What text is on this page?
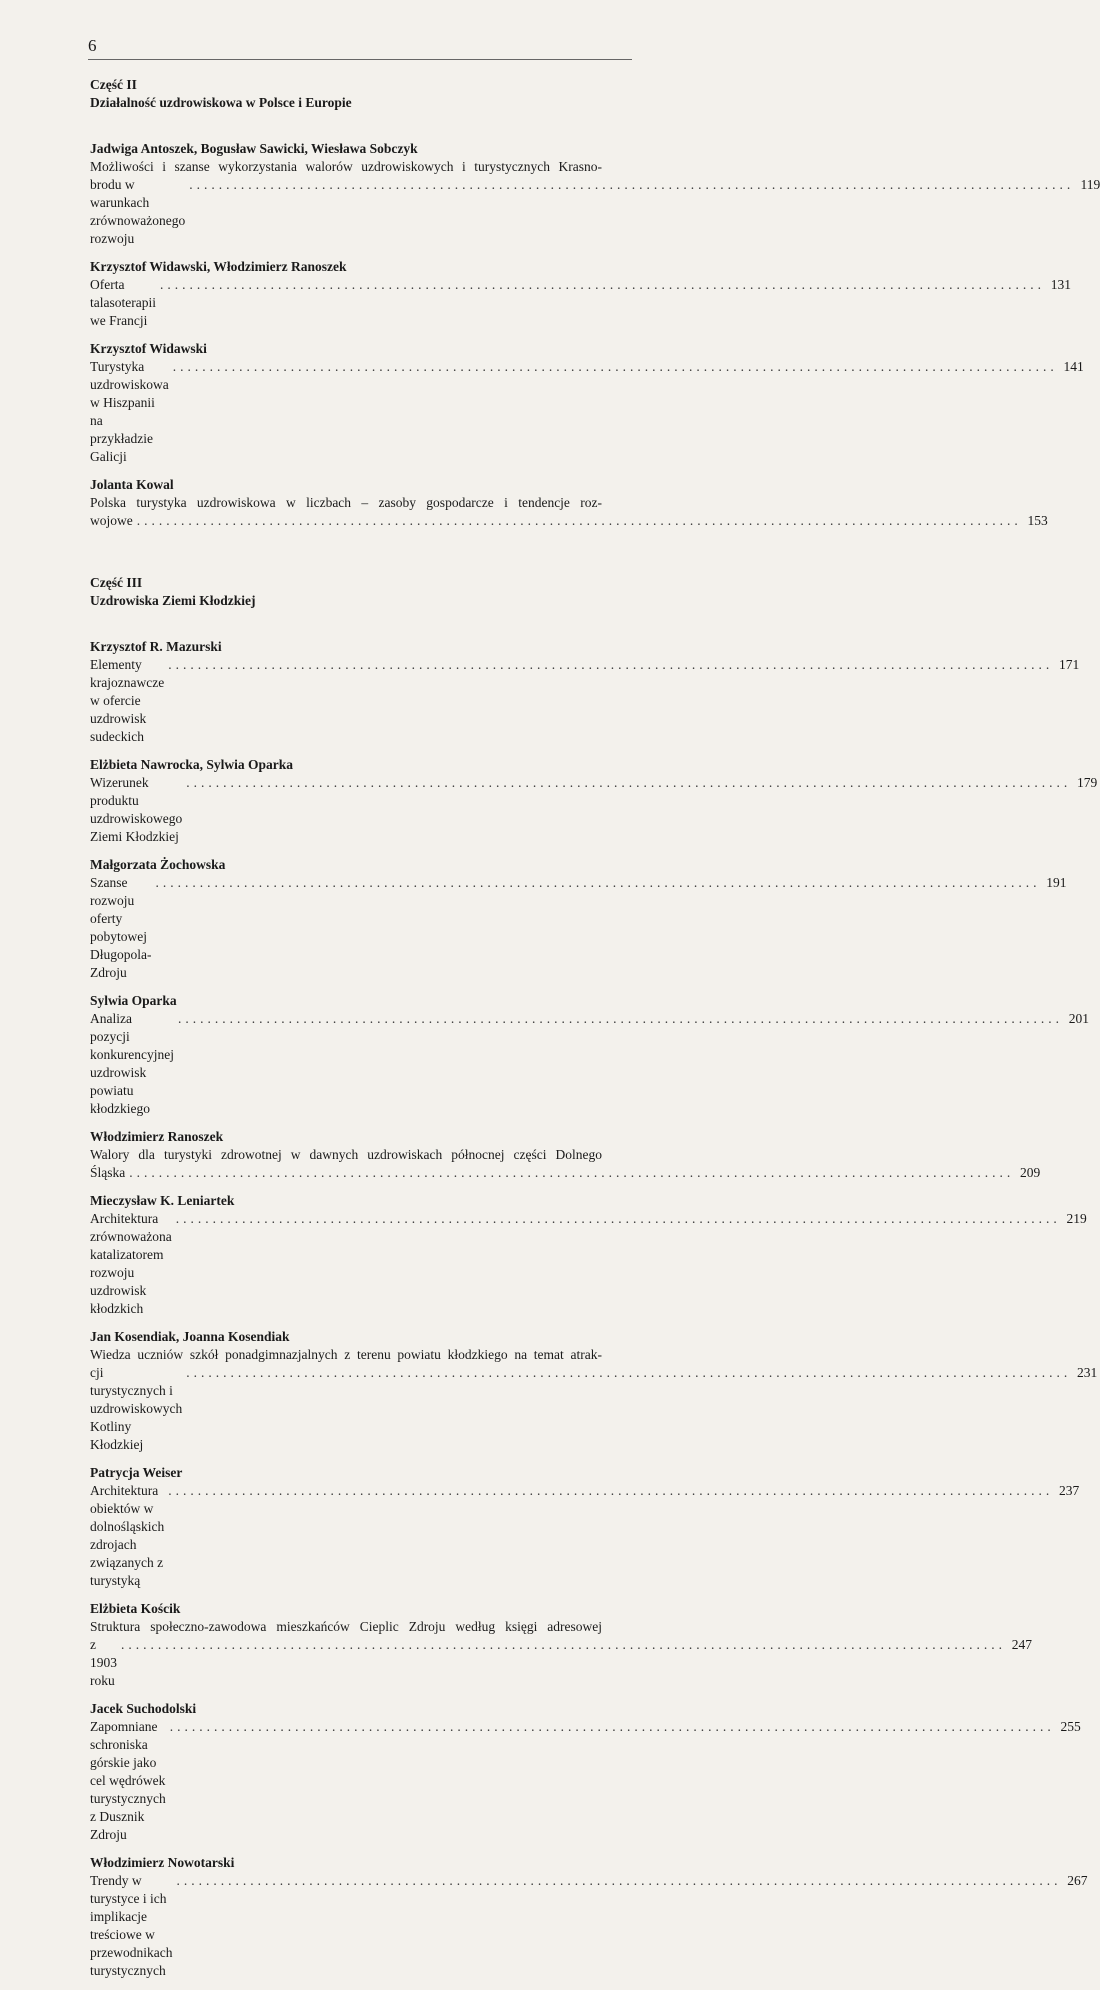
6
Część II
Działalność uzdrowiskowa w Polsce i Europie
Jadwiga Antoszek, Bogusław Sawicki, Wiesława Sobczyk
Możliwości i szanse wykorzystania walorów uzdrowiskowych i turystycznych Krasno-
brodu w warunkach zrównoważonego rozwoju
........................................................................................................................ 119
Krzysztof Widawski, Włodzimierz Ranoszek
Oferta talasoterapii we Francji
........................................................................................................................ 131
Krzysztof Widawski
Turystyka uzdrowiskowa w Hiszpanii na przykładzie Galicji
........................................................................................................................ 141
Jolanta Kowal
Polska turystyka uzdrowiskowa w liczbach – zasoby gospodarcze i tendencje roz-
wojowe ........................................................................................................................ 153
Część III
Uzdrowiska Ziemi Kłodzkiej
Krzysztof R. Mazurski
Elementy krajoznawcze w ofercie uzdrowisk sudeckich
........................................................................................................................ 171
Elżbieta Nawrocka, Sylwia Oparka
Wizerunek produktu uzdrowiskowego Ziemi Kłodzkiej
........................................................................................................................ 179
Małgorzata Żochowska
Szanse rozwoju oferty pobytowej Długopola-Zdroju
........................................................................................................................ 191
Sylwia Oparka
Analiza pozycji konkurencyjnej uzdrowisk powiatu kłodzkiego
........................................................................................................................ 201
Włodzimierz Ranoszek
Walory dla turystyki zdrowotnej w dawnych uzdrowiskach północnej części Dolnego
Śląska ........................................................................................................................ 209
Mieczysław K. Leniartek
Architektura zrównoważona katalizatorem rozwoju uzdrowisk kłodzkich
........................................................................................................................ 219
Jan Kosendiak, Joanna Kosendiak
Wiedza uczniów szkół ponadgimnazjalnych z terenu powiatu kłodzkiego na temat atrak-
cji turystycznych i uzdrowiskowych Kotliny Kłodzkiej
........................................................................................................................ 231
Patrycja Weiser
Architektura obiektów w dolnośląskich zdrojach związanych z turystyką
........................................................................................................................ 237
Elżbieta Kościk
Struktura społeczno-zawodowa mieszkańców Cieplic Zdroju według księgi adresowej
z 1903 roku
........................................................................................................................ 247
Jacek Suchodolski
Zapomniane schroniska górskie jako cel wędrówek turystycznych z Dusznik Zdroju
........................................................................................................................ 255
Włodzimierz Nowotarski
Trendy w turystyce i ich implikacje treściowe w przewodnikach turystycznych
........................................................................................................................ 267
